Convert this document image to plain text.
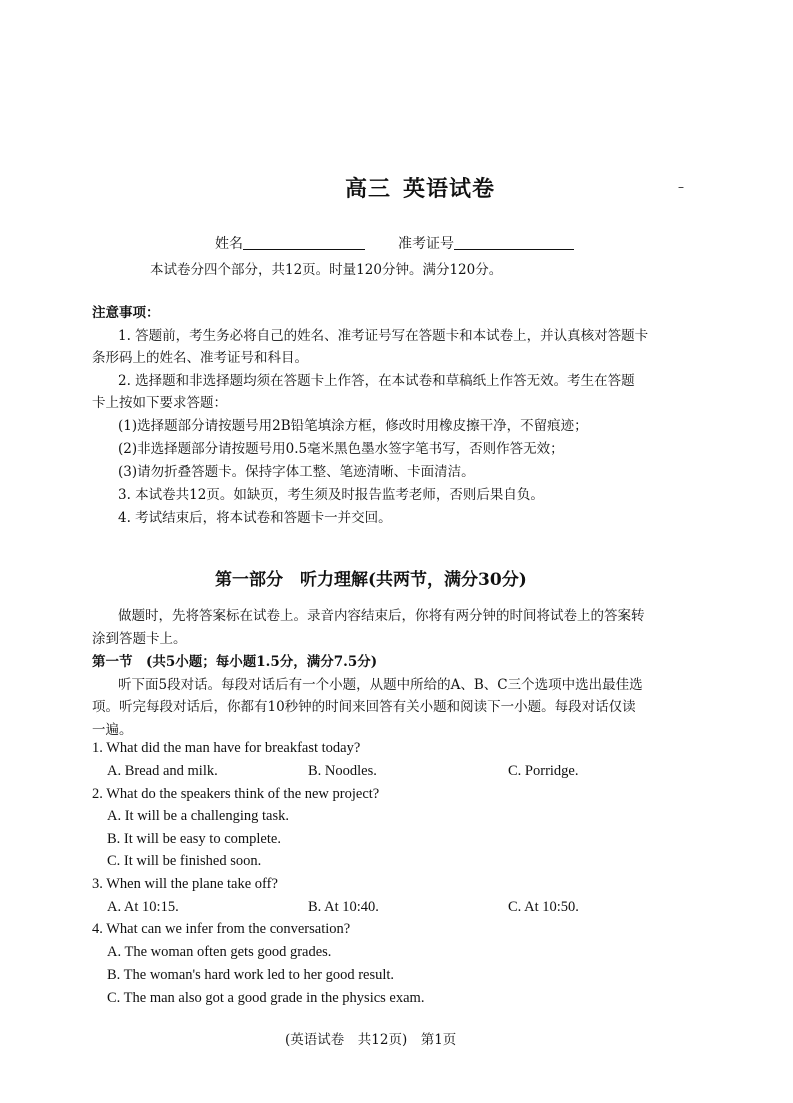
高三 英语试卷	–
姓名	准考证号
本试卷分四个部分，共12页。时量120分钟。满分120分。
注意事项：
1. 答题前，考生务必将自己的姓名、准考证号写在答题卡和本试卷上，并认真核对答题卡
条形码上的姓名、准考证号和科目。
2. 选择题和非选择题均须在答题卡上作答，在本试卷和草稿纸上作答无效。考生在答题
卡上按如下要求答题：
(1)选择题部分请按题号用2B铅笔填涂方框，修改时用橡皮擦干净，不留痕迹；
(2)非选择题部分请按题号用0.5毫米黑色墨水签字笔书写，否则作答无效；
(3)请勿折叠答题卡。保持字体工整、笔迹清晰、卡面清洁。
3. 本试卷共12页。如缺页，考生须及时报告监考老师，否则后果自负。
4. 考试结束后，将本试卷和答题卡一并交回。
第一部分　听力理解(共两节，满分30分)
做题时，先将答案标在试卷上。录音内容结束后，你将有两分钟的时间将试卷上的答案转
涂到答题卡上。
第一节　(共5小题；每小题1.5分，满分7.5分)
听下面5段对话。每段对话后有一个小题，从题中所给的A、B、C三个选项中选出最佳选
项。听完每段对话后，你都有10秒钟的时间来回答有关小题和阅读下一小题。每段对话仅读
一遍。
1. What did the man have for breakfast today?
A. Bread and milk.	B. Noodles.	C. Porridge.
2. What do the speakers think of the new project?
A. It will be a challenging task.
B. It will be easy to complete.
C. It will be finished soon.
3. When will the plane take off?
A. At 10:15.	B. At 10:40.	C. At 10:50.
4. What can we infer from the conversation?
A. The woman often gets good grades.
B. The woman's hard work led to her good result.
C. The man also got a good grade in the physics exam.
(英语试卷　共12页)　第1页
